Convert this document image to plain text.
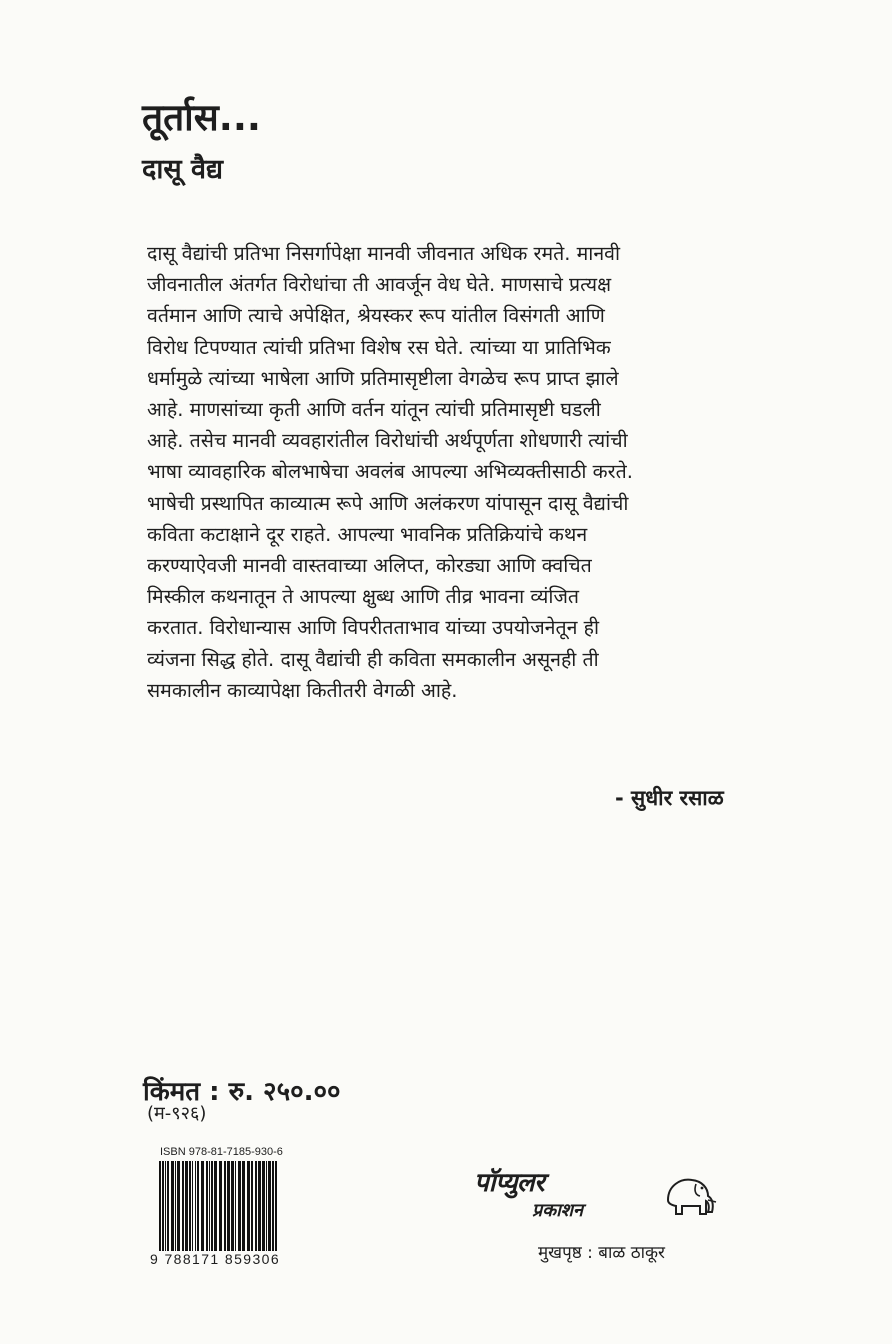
तूर्तास...
दासू वैद्य
दासू वैद्यांची प्रतिभा निसर्गापेक्षा मानवी जीवनात अधिक रमते. मानवी
जीवनातील अंतर्गत विरोधांचा ती आवर्जून वेध घेते. माणसाचे प्रत्यक्ष
वर्तमान आणि त्याचे अपेक्षित, श्रेयस्कर रूप यांतील विसंगती आणि
विरोध टिपण्यात त्यांची प्रतिभा विशेष रस घेते. त्यांच्या या प्रातिभिक
धर्मामुळे त्यांच्या भाषेला आणि प्रतिमासृष्टीला वेगळेच रूप प्राप्त झाले
आहे. माणसांच्या कृती आणि वर्तन यांतून त्यांची प्रतिमासृष्टी घडली
आहे. तसेच मानवी व्यवहारांतील विरोधांची अर्थपूर्णता शोधणारी त्यांची
भाषा व्यावहारिक बोलभाषेचा अवलंब आपल्या अभिव्यक्तीसाठी करते.
भाषेची प्रस्थापित काव्यात्म रूपे आणि अलंकरण यांपासून दासू वैद्यांची
कविता कटाक्षाने दूर राहते. आपल्या भावनिक प्रतिक्रियांचे कथन
करण्याऐवजी मानवी वास्तवाच्या अलिप्त, कोरड्या आणि क्वचित
मिस्कील कथनातून ते आपल्या क्षुब्ध आणि तीव्र भावना व्यंजित
करतात. विरोधान्यास आणि विपरीतताभाव यांच्या उपयोजनेतून ही
व्यंजना सिद्ध होते. दासू वैद्यांची ही कविता समकालीन असूनही ती
समकालीन काव्यापेक्षा कितीतरी वेगळी आहे.
- सुधीर रसाळ
किंमत : रु. २५०.००
(म-९२६)
ISBN 978-81-7185-930-6
9 788171 859306
पॉप्युलर
प्रकाशन
मुखपृष्ठ : बाळ ठाकूर
